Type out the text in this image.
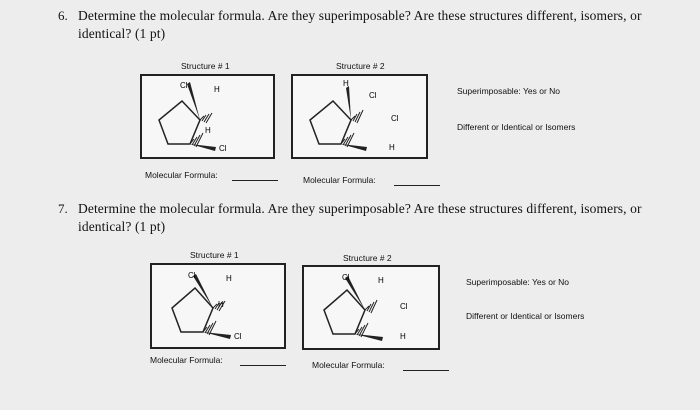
6. Determine the molecular formula. Are they superimposable? Are these structures different, isomers, or
identical? (1 pt)
Structure # 1	Structure # 2
Cl	H
H
Cl
H
Cl
Cl
H
Superimposable: Yes or No
Different or Identical or Isomers
Molecular Formula:	Molecular Formula:
7. Determine the molecular formula. Are they superimposable? Are these structures different, isomers, or
identical? (1 pt)
Structure # 1	Structure # 2
Cl	H
H
Cl
Cl	H
Cl
H
Superimposable: Yes or No
Different or Identical or Isomers
Molecular Formula:	Molecular Formula:
